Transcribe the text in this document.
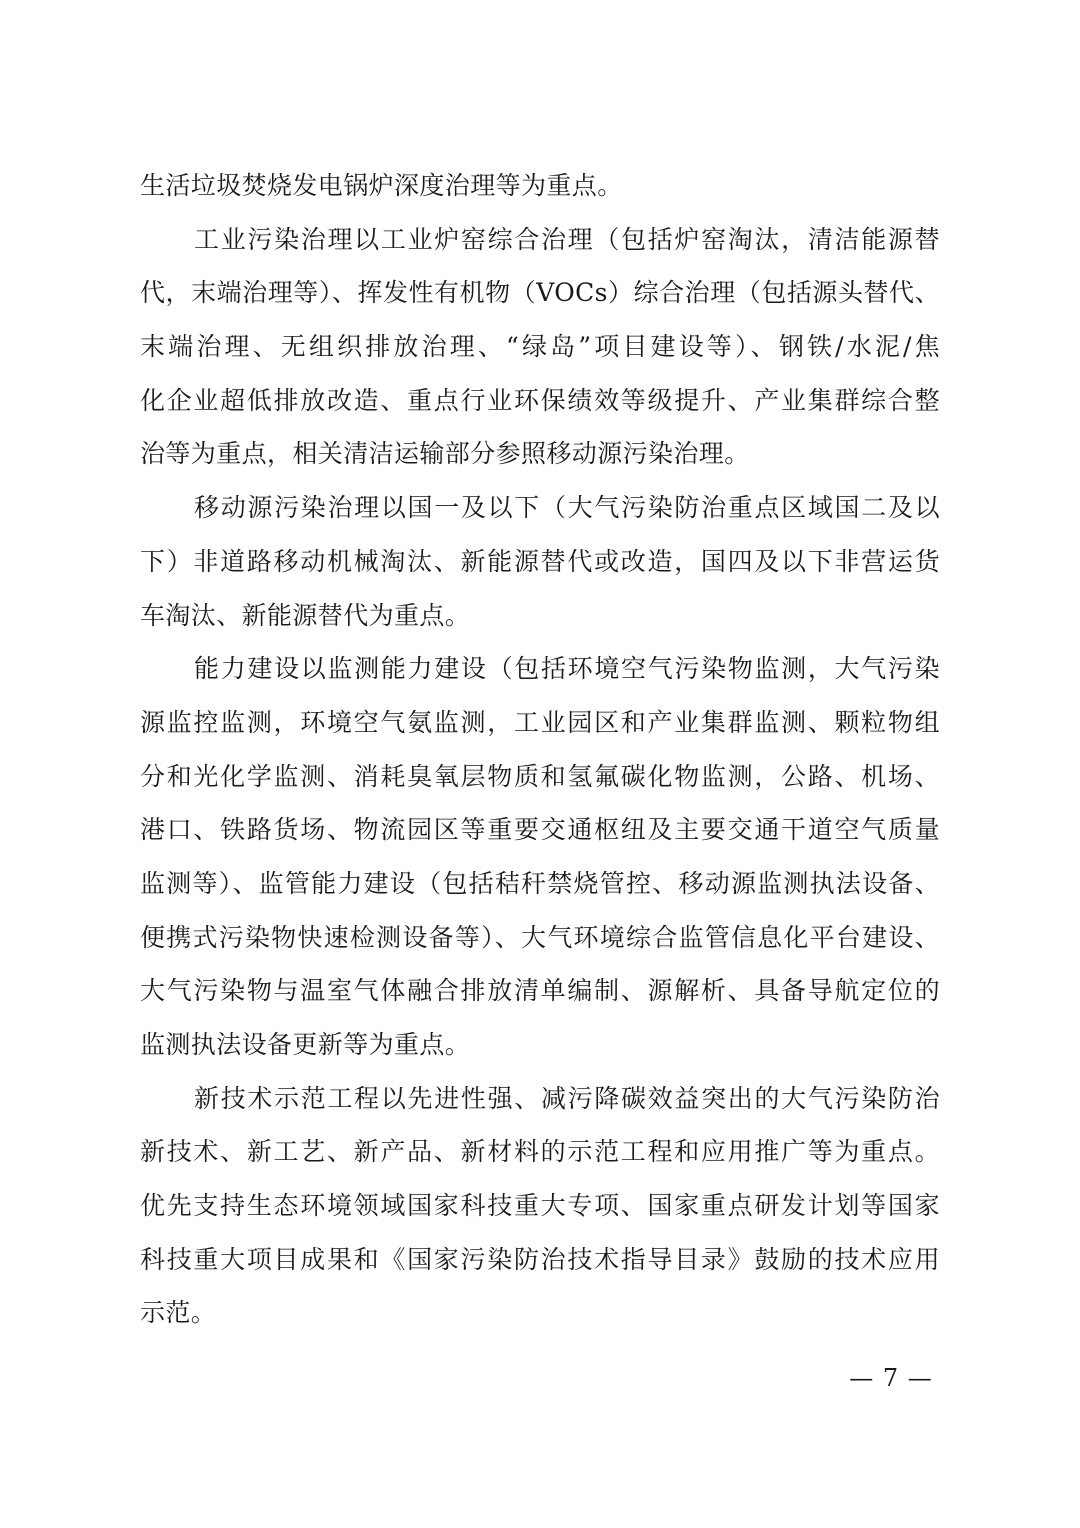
生活垃圾焚烧发电锅炉深度治理等为重点。
工业污染治理以工业炉窑综合治理（包括炉窑淘汰，清洁能源替
代，末端治理等）、挥发性有机物（VOCs）综合治理（包括源头替代、
末端治理、无组织排放治理、“绿岛”项目建设等）、钢铁/水泥/焦
化企业超低排放改造、重点行业环保绩效等级提升、产业集群综合整
治等为重点，相关清洁运输部分参照移动源污染治理。
移动源污染治理以国一及以下（大气污染防治重点区域国二及以
下）非道路移动机械淘汰、新能源替代或改造，国四及以下非营运货
车淘汰、新能源替代为重点。
能力建设以监测能力建设（包括环境空气污染物监测，大气污染
源监控监测，环境空气氨监测，工业园区和产业集群监测、颗粒物组
分和光化学监测、消耗臭氧层物质和氢氟碳化物监测，公路、机场、
港口、铁路货场、物流园区等重要交通枢纽及主要交通干道空气质量
监测等）、监管能力建设（包括秸秆禁烧管控、移动源监测执法设备、
便携式污染物快速检测设备等）、大气环境综合监管信息化平台建设、
大气污染物与温室气体融合排放清单编制、源解析、具备导航定位的
监测执法设备更新等为重点。
新技术示范工程以先进性强、减污降碳效益突出的大气污染防治
新技术、新工艺、新产品、新材料的示范工程和应用推广等为重点。
优先支持生态环境领域国家科技重大专项、国家重点研发计划等国家
科技重大项目成果和《国家污染防治技术指导目录》鼓励的技术应用
示范。
— 7 —
